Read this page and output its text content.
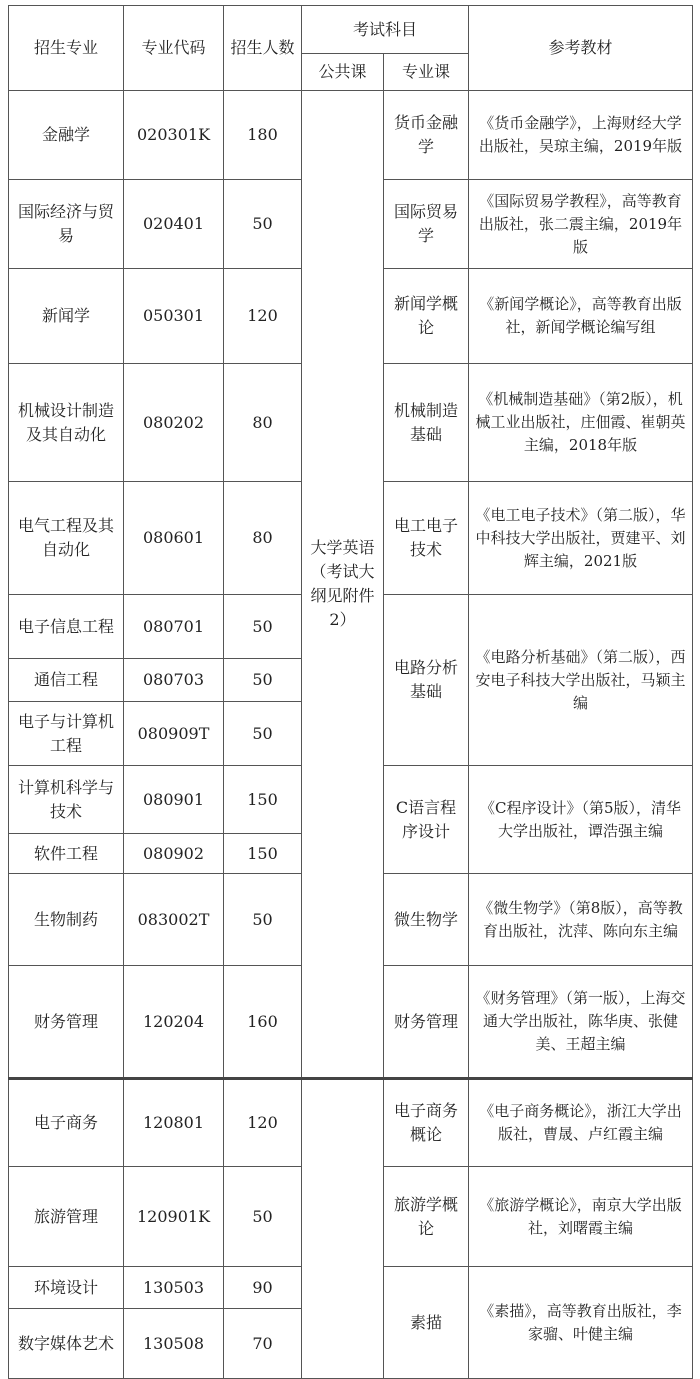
招生专业	专业代码	招生人数	考试科目		参考教材
			公共课	专业课	
金融学	020301K	180	大学英语（考试大纲见附件2）	货币金融学	《货币金融学》，上海财经大学出版社，吴琼主编，2019年版
国际经济与贸易	020401	50		国际贸易学	《国际贸易学教程》，高等教育出版社，张二震主编，2019年版
新闻学	050301	120		新闻学概论	《新闻学概论》，高等教育出版社，新闻学概论编写组
机械设计制造及其自动化	080202	80		机械制造基础	《机械制造基础》（第2版），机械工业出版社，庄佃霞、崔朝英主编，2018年版
电气工程及其自动化	080601	80		电工电子技术	《电工电子技术》（第二版），华中科技大学出版社，贾建平、刘辉主编，2021版
电子信息工程	080701	50		电路分析基础	《电路分析基础》（第二版），西安电子科技大学出版社，马颖主编
通信工程	080703	50			
电子与计算机工程	080909T	50			
计算机科学与技术	080901	150		C语言程序设计	《C程序设计》（第5版），清华大学出版社，谭浩强主编
软件工程	080902	150			
生物制药	083002T	50		微生物学	《微生物学》（第8版），高等教育出版社，沈萍、陈向东主编
财务管理	120204	160		财务管理	《财务管理》（第一版），上海交通大学出版社，陈华庚、张健美、王超主编
电子商务	120801	120		电子商务概论	《电子商务概论》，浙江大学出版社，曹晟、卢红霞主编
旅游管理	120901K	50		旅游学概论	《旅游学概论》，南京大学出版社，刘曙霞主编
环境设计	130503	90		素描	《素描》，高等教育出版社，李家骝、叶健主编
数字媒体艺术	130508	70			
